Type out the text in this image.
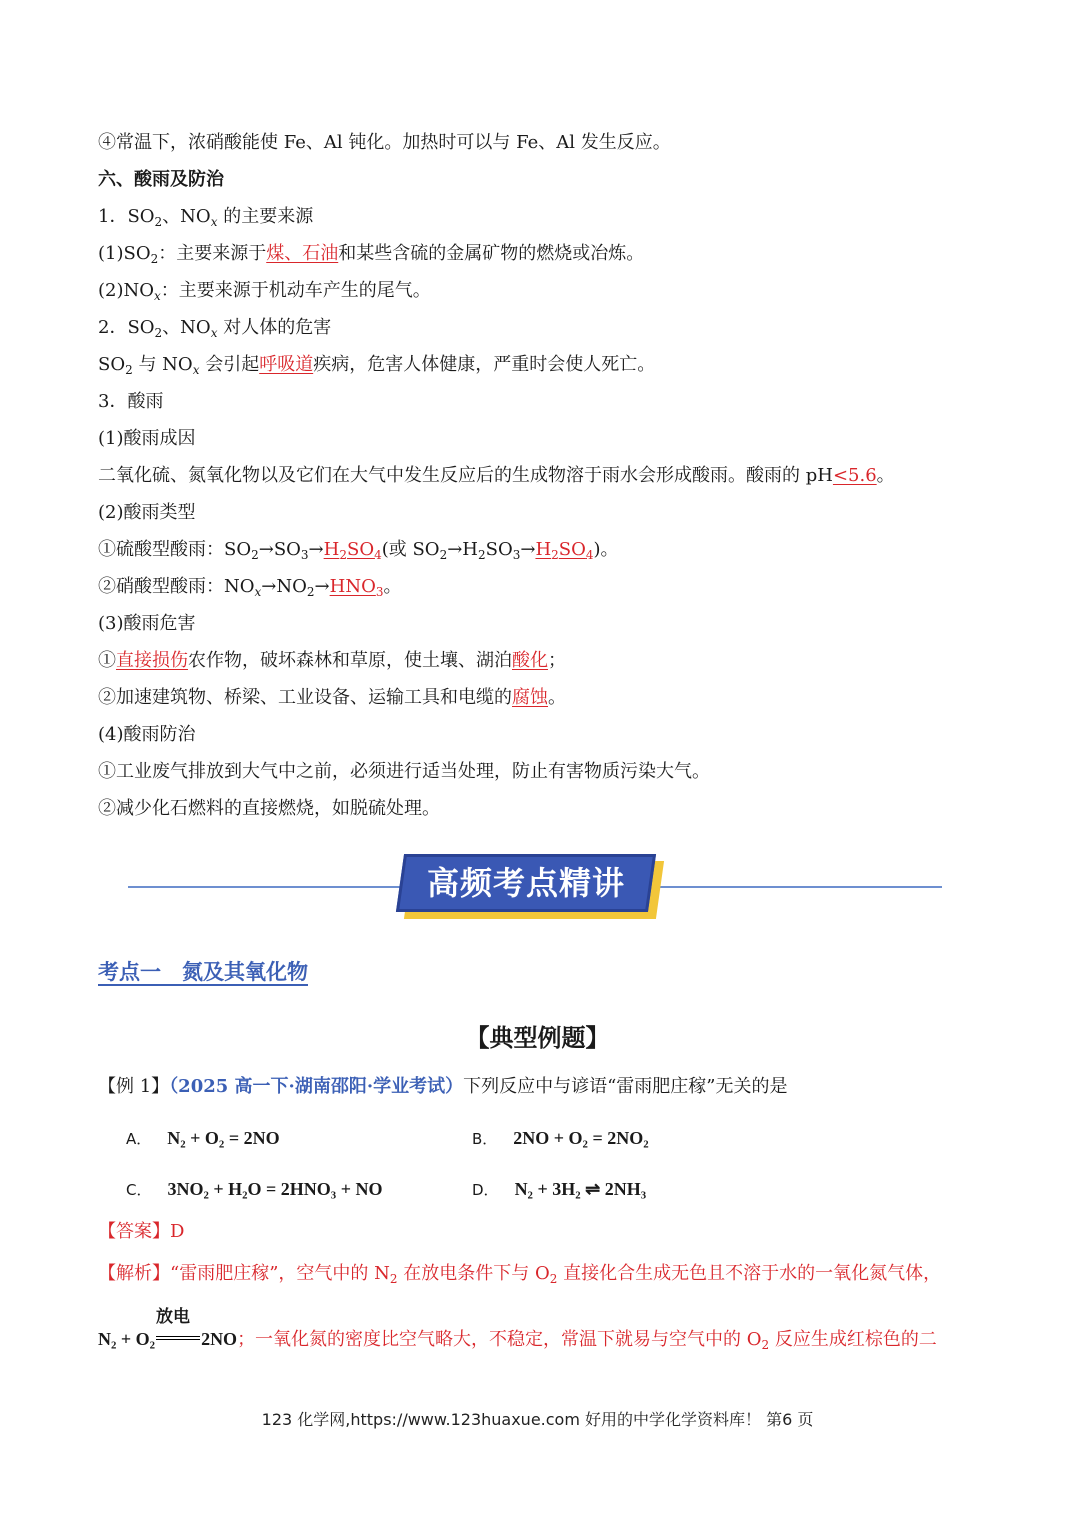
④常温下，浓硝酸能使 Fe、Al 钝化。加热时可以与 Fe、Al 发生反应。
六、酸雨及防治
1．$SO_2$、$NO_x$ 的主要来源
$(1)SO_2$：主要来源于煤、石油和某些含硫的金属矿物的燃烧或冶炼。
$(2)NO_x$：主要来源于机动车产生的尾气。
2．$SO_2$、$NO_x$ 对人体的危害
$SO_2$ 与 $NO_x$ 会引起呼吸道疾病，危害人体健康，严重时会使人死亡。
3．酸雨
(1)酸雨成因
二氧化硫、氮氧化物以及它们在大气中发生反应后的生成物溶于雨水会形成酸雨。酸雨的 pH<5.6。
(2)酸雨类型
①硫酸型酸雨：$SO_2\to SO_3\to H_2SO_4$(或 $SO_2\to H_2SO_3\to H_2SO_4$)。
②硝酸型酸雨：$NO_x\to NO_2\to HNO_3$。
(3)酸雨危害
①直接损伤农作物，破坏森林和草原，使土壤、湖泊酸化；
②加速建筑物、桥梁、工业设备、运输工具和电缆的腐蚀。
(4)酸雨防治
①工业废气排放到大气中之前，必须进行适当处理，防止有害物质污染大气。
②减少化石燃料的直接燃烧，如脱硫处理。
高频考点精讲
考点一　氮及其氧化物
【典型例题】
【例 1】（2025 高一下·湖南邵阳·学业考试）下列反应中与谚语“雷雨肥庄稼”无关的是
A． N₂ + O₂ = 2NO	B． 2NO + O₂ = 2NO₂
C． 3NO₂ + H₂O = 2HNO₃ + NO	D． N₂ + 3H₂ ⇌ 2NH₃
【答案】D
【解析】“雷雨肥庄稼”，空气中的 $N_2$ 在放电条件下与 $O_2$ 直接化合生成无色且不溶于水的一氧化氮气体，
N₂ + O₂
放电
2NO；一氧化氮的密度比空气略大，不稳定，常温下就易与空气中的 $O_2$ 反应生成红棕色的二
123 化学网,https://www.123huaxue.com 好用的中学化学资料库！ 第6 页
